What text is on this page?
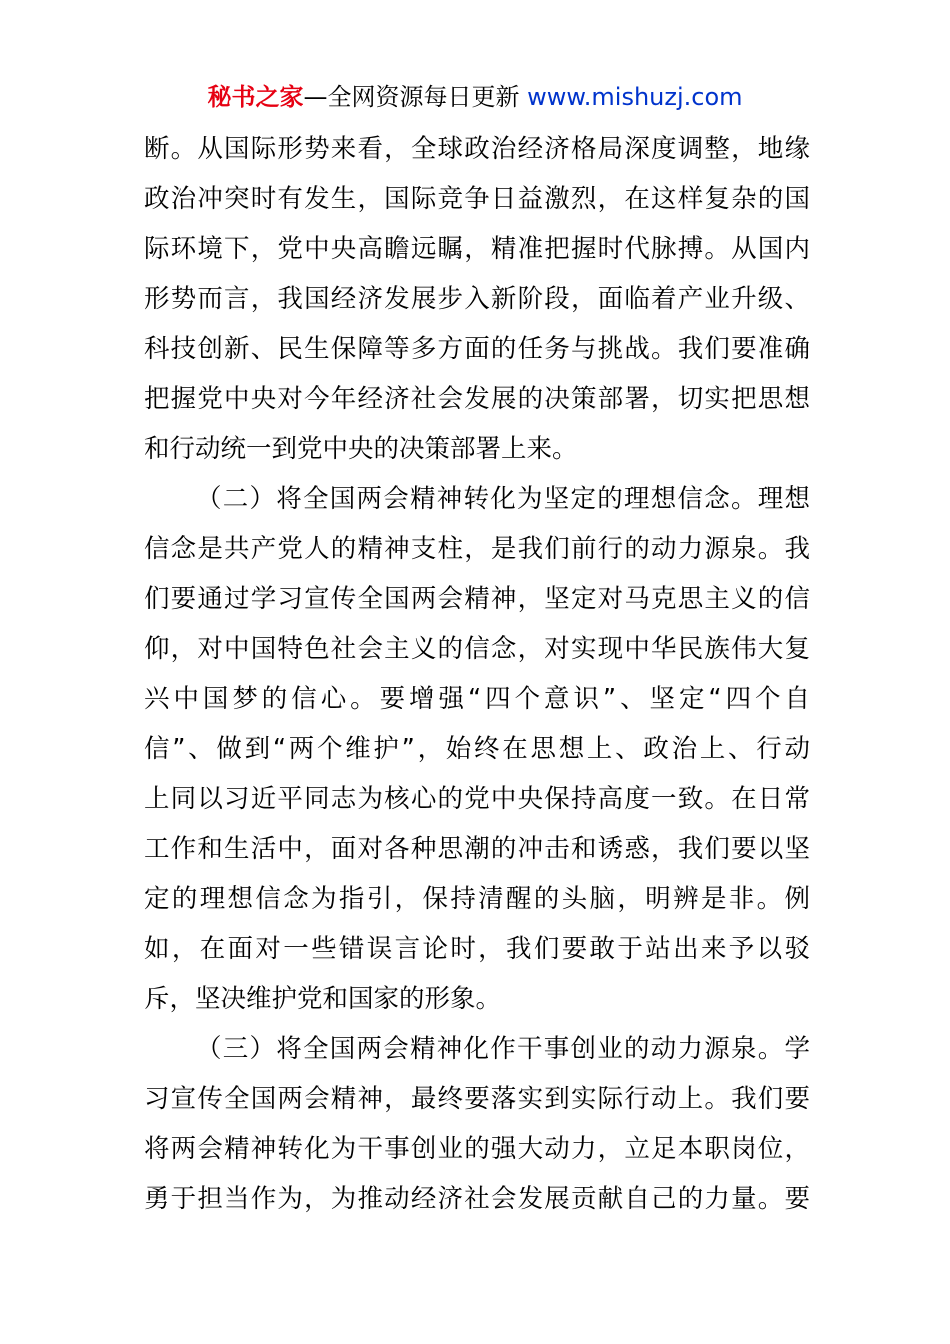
秘书之家—全网资源每日更新 www.mishuzj.com
断。从国际形势来看，全球政治经济格局深度调整，地缘
政治冲突时有发生，国际竞争日益激烈，在这样复杂的国
际环境下，党中央高瞻远瞩，精准把握时代脉搏。从国内
形势而言，我国经济发展步入新阶段，面临着产业升级、
科技创新、民生保障等多方面的任务与挑战。我们要准确
把握党中央对今年经济社会发展的决策部署，切实把思想
和行动统一到党中央的决策部署上来。
（二）将全国两会精神转化为坚定的理想信念。理想
信念是共产党人的精神支柱，是我们前行的动力源泉。我
们要通过学习宣传全国两会精神，坚定对马克思主义的信
仰，对中国特色社会主义的信念，对实现中华民族伟大复
兴中国梦的信心。要增强“四个意识”、坚定“四个自
信”、做到“两个维护”，始终在思想上、政治上、行动
上同以习近平同志为核心的党中央保持高度一致。在日常
工作和生活中，面对各种思潮的冲击和诱惑，我们要以坚
定的理想信念为指引，保持清醒的头脑，明辨是非。例
如，在面对一些错误言论时，我们要敢于站出来予以驳
斥，坚决维护党和国家的形象。
（三）将全国两会精神化作干事创业的动力源泉。学
习宣传全国两会精神，最终要落实到实际行动上。我们要
将两会精神转化为干事创业的强大动力，立足本职岗位，
勇于担当作为，为推动经济社会发展贡献自己的力量。要
